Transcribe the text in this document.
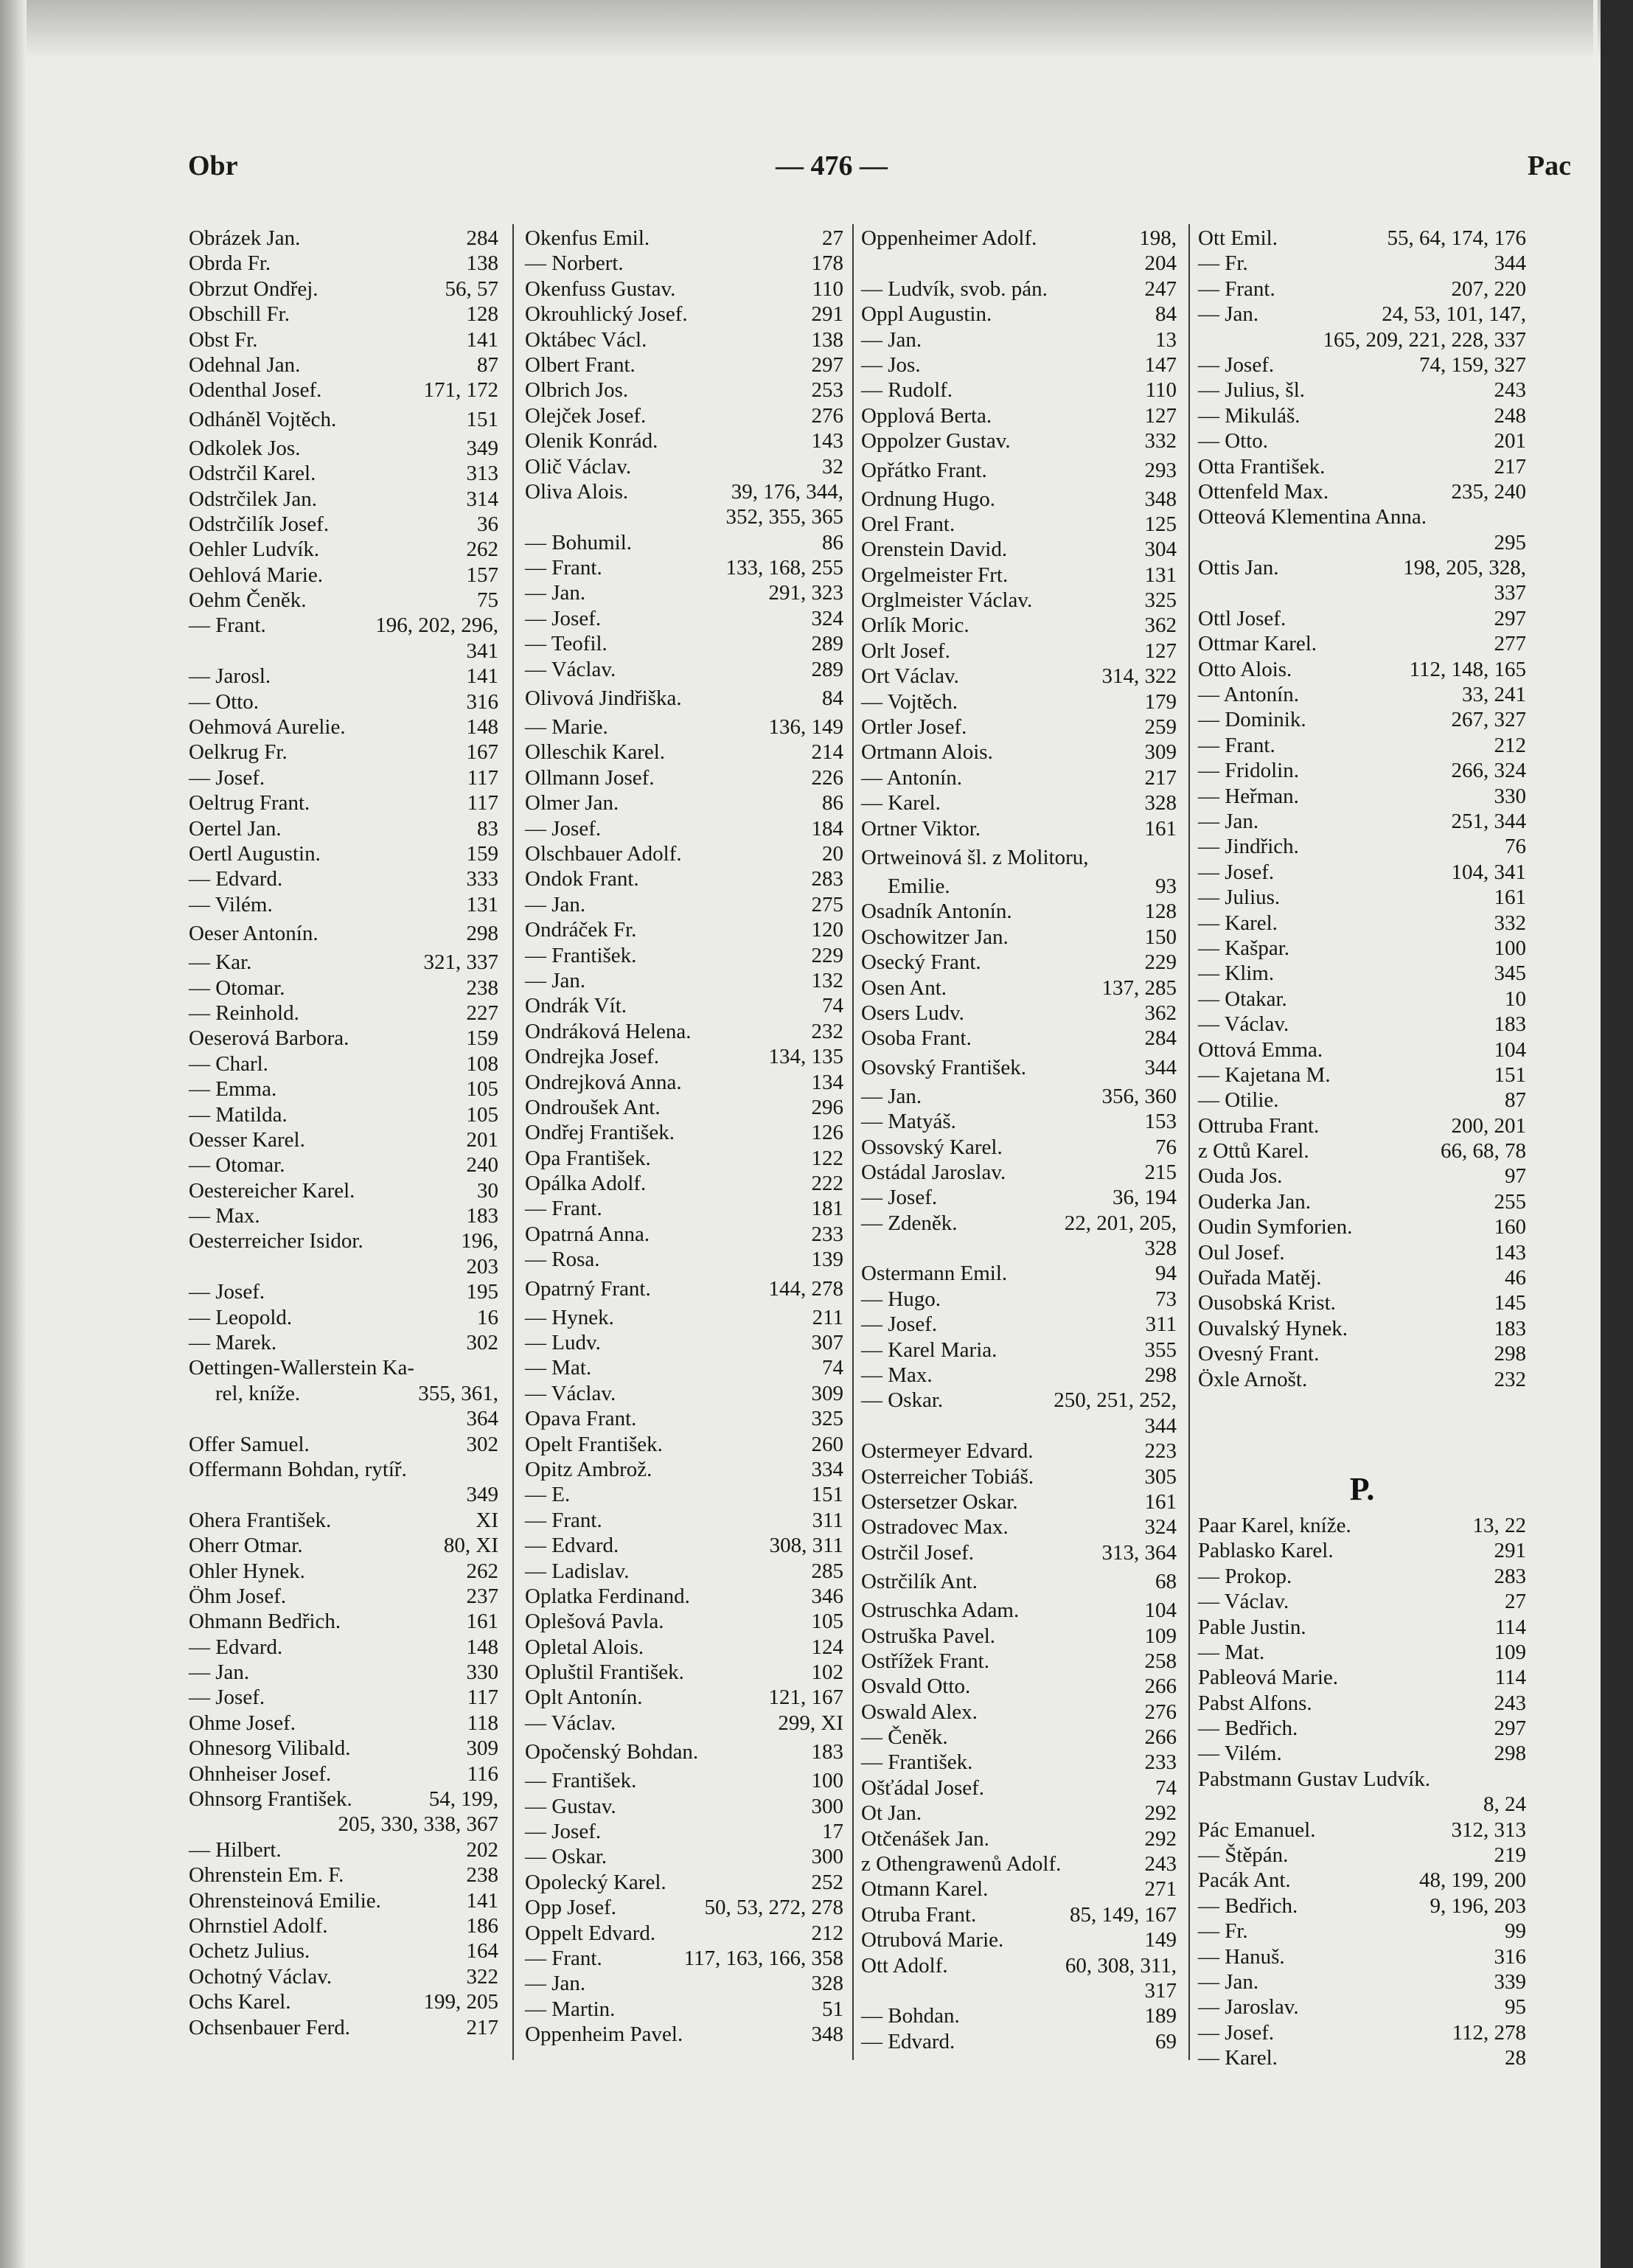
Obr	— 476 —	Pac
Obrázek Jan.	284
Obrda Fr.	138
Obrzut Ondřej.	56, 57
Obschill Fr.	128
Obst Fr.	141
Odehnal Jan.	87
Odenthal Josef.	171, 172
Odháněl Vojtěch.	151
Odkolek Jos.	349
Odstrčil Karel.	313
Odstrčilek Jan.	314
Odstrčilík Josef.	36
Oehler Ludvík.	262
Oehlová Marie.	157
Oehm Čeněk.	75
— Frant.	196, 202, 296,
341
— Jarosl.	141
— Otto.	316
Oehmová Aurelie.	148
Oelkrug Fr.	167
— Josef.	117
Oeltrug Frant.	117
Oertel Jan.	83
Oertl Augustin.	159
— Edvard.	333
— Vilém.	131
Oeser Antonín.	298
— Kar.	321, 337
— Otomar.	238
— Reinhold.	227
Oeserová Barbora.	159
— Charl.	108
— Emma.	105
— Matilda.	105
Oesser Karel.	201
— Otomar.	240
Oestereicher Karel.	30
— Max.	183
Oesterreicher Isidor.	196,
203
— Josef.	195
— Leopold.	16
— Marek.	302
Oettingen-Wallerstein Ka-
rel, kníže.	355, 361,
364
Offer Samuel.	302
Offermann Bohdan, rytíř.
349
Ohera František.	XI
Oherr Otmar.	80, XI
Ohler Hynek.	262
Öhm Josef.	237
Ohmann Bedřich.	161
— Edvard.	148
— Jan.	330
— Josef.	117
Ohme Josef.	118
Ohnesorg Vilibald.	309
Ohnheiser Josef.	116
Ohnsorg František.	54, 199,
205, 330, 338, 367
— Hilbert.	202
Ohrenstein Em. F.	238
Ohrensteinová Emilie.	141
Ohrnstiel Adolf.	186
Ochetz Julius.	164
Ochotný Václav.	322
Ochs Karel.	199, 205
Ochsenbauer Ferd.	217
Okenfus Emil.	27
— Norbert.	178
Okenfuss Gustav.	110
Okrouhlický Josef.	291
Oktábec Václ.	138
Olbert Frant.	297
Olbrich Jos.	253
Olejček Josef.	276
Olenik Konrád.	143
Olič Václav.	32
Oliva Alois.	39, 176, 344,
352, 355, 365
— Bohumil.	86
— Frant.	133, 168, 255
— Jan.	291, 323
— Josef.	324
— Teofil.	289
— Václav.	289
Olivová Jindřiška.	84
— Marie.	136, 149
Olleschik Karel.	214
Ollmann Josef.	226
Olmer Jan.	86
— Josef.	184
Olschbauer Adolf.	20
Ondok Frant.	283
— Jan.	275
Ondráček Fr.	120
— František.	229
— Jan.	132
Ondrák Vít.	74
Ondráková Helena.	232
Ondrejka Josef.	134, 135
Ondrejková Anna.	134
Ondroušek Ant.	296
Ondřej František.	126
Opa František.	122
Opálka Adolf.	222
— Frant.	181
Opatrná Anna.	233
— Rosa.	139
Opatrný Frant.	144, 278
— Hynek.	211
— Ludv.	307
— Mat.	74
— Václav.	309
Opava Frant.	325
Opelt František.	260
Opitz Ambrož.	334
— E.	151
— Frant.	311
— Edvard.	308, 311
— Ladislav.	285
Oplatka Ferdinand.	346
Oplešová Pavla.	105
Opletal Alois.	124
Opluštil František.	102
Oplt Antonín.	121, 167
— Václav.	299, XI
Opočenský Bohdan.	183
— František.	100
— Gustav.	300
— Josef.	17
— Oskar.	300
Opolecký Karel.	252
Opp Josef.	50, 53, 272, 278
Oppelt Edvard.	212
— Frant.	117, 163, 166, 358
— Jan.	328
— Martin.	51
Oppenheim Pavel.	348
Oppenheimer Adolf.	198,
204
— Ludvík, svob. pán.	247
Oppl Augustin.	84
— Jan.	13
— Jos.	147
— Rudolf.	110
Opplová Berta.	127
Oppolzer Gustav.	332
Opřátko Frant.	293
Ordnung Hugo.	348
Orel Frant.	125
Orenstein David.	304
Orgelmeister Frt.	131
Orglmeister Václav.	325
Orlík Moric.	362
Orlt Josef.	127
Ort Václav.	314, 322
— Vojtěch.	179
Ortler Josef.	259
Ortmann Alois.	309
— Antonín.	217
— Karel.	328
Ortner Viktor.	161
Ortweinová šl. z Molitoru,
Emilie.	93
Osadník Antonín.	128
Oschowitzer Jan.	150
Osecký Frant.	229
Osen Ant.	137, 285
Osers Ludv.	362
Osoba Frant.	284
Osovský František.	344
— Jan.	356, 360
— Matyáš.	153
Ossovský Karel.	76
Ostádal Jaroslav.	215
— Josef.	36, 194
— Zdeněk.	22, 201, 205,
328
Ostermann Emil.	94
— Hugo.	73
— Josef.	311
— Karel Maria.	355
— Max.	298
— Oskar.	250, 251, 252,
344
Ostermeyer Edvard.	223
Osterreicher Tobiáš.	305
Ostersetzer Oskar.	161
Ostradovec Max.	324
Ostrčil Josef.	313, 364
Ostrčilík Ant.	68
Ostruschka Adam.	104
Ostruška Pavel.	109
Ostřížek Frant.	258
Osvald Otto.	266
Oswald Alex.	276
— Čeněk.	266
— František.	233
Ošťádal Josef.	74
Ot Jan.	292
Otčenášek Jan.	292
z Othengrawenů Adolf.	243
Otmann Karel.	271
Otruba Frant.	85, 149, 167
Otrubová Marie.	149
Ott Adolf.	60, 308, 311,
317
— Bohdan.	189
— Edvard.	69
Ott Emil.	55, 64, 174, 176
— Fr.	344
— Frant.	207, 220
— Jan.	24, 53, 101, 147,
165, 209, 221, 228, 337
— Josef.	74, 159, 327
— Julius, šl.	243
— Mikuláš.	248
— Otto.	201
Otta František.	217
Ottenfeld Max.	235, 240
Otteová Klementina Anna.
295
Ottis Jan.	198, 205, 328,
337
Ottl Josef.	297
Ottmar Karel.	277
Otto Alois.	112, 148, 165
— Antonín.	33, 241
— Dominik.	267, 327
— Frant.	212
— Fridolin.	266, 324
— Heřman.	330
— Jan.	251, 344
— Jindřich.	76
— Josef.	104, 341
— Julius.	161
— Karel.	332
— Kašpar.	100
— Klim.	345
— Otakar.	10
— Václav.	183
Ottová Emma.	104
— Kajetana M.	151
— Otilie.	87
Ottruba Frant.	200, 201
z Ottů Karel.	66, 68, 78
Ouda Jos.	97
Ouderka Jan.	255
Oudin Symforien.	160
Oul Josef.	143
Ouřada Matěj.	46
Ousobská Krist.	145
Ouvalský Hynek.	183
Ovesný Frant.	298
Öxle Arnošt.	232
P.
Paar Karel, kníže.	13, 22
Pablasko Karel.	291
— Prokop.	283
— Václav.	27
Pable Justin.	114
— Mat.	109
Pableová Marie.	114
Pabst Alfons.	243
— Bedřich.	297
— Vilém.	298
Pabstmann Gustav Ludvík.
8, 24
Pác Emanuel.	312, 313
— Štěpán.	219
Pacák Ant.	48, 199, 200
— Bedřich.	9, 196, 203
— Fr.	99
— Hanuš.	316
— Jan.	339
— Jaroslav.	95
— Josef.	112, 278
— Karel.	28
